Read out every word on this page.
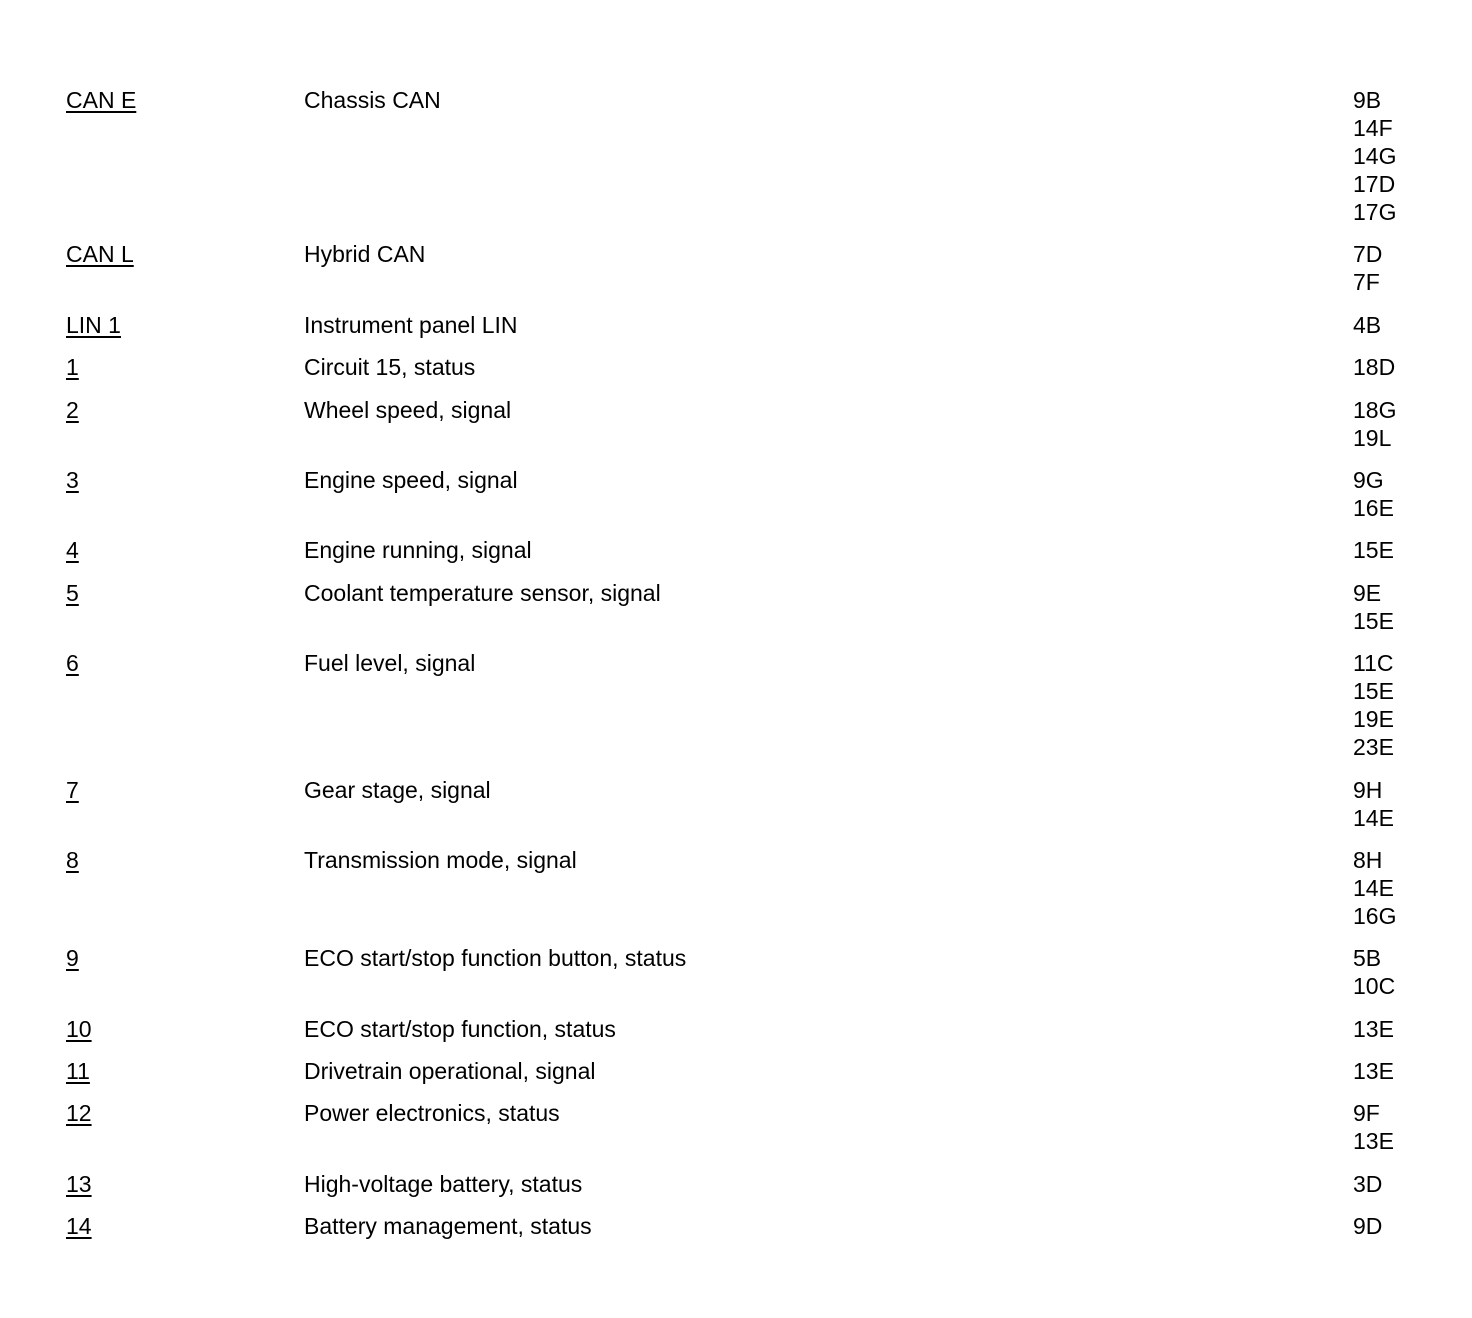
CAN E	Chassis CAN	9B
14F
14G
17D
17G
CAN L	Hybrid CAN	7D
7F
LIN 1	Instrument panel LIN	4B
1	Circuit 15, status	18D
2	Wheel speed, signal	18G
19L
3	Engine speed, signal	9G
16E
4	Engine running, signal	15E
5	Coolant temperature sensor, signal	9E
15E
6	Fuel level, signal	11C
15E
19E
23E
7	Gear stage, signal	9H
14E
8	Transmission mode, signal	8H
14E
16G
9	ECO start/stop function button, status	5B
10C
10	ECO start/stop function, status	13E
11	Drivetrain operational, signal	13E
12	Power electronics, status	9F
13E
13	High-voltage battery, status	3D
14	Battery management, status	9D
